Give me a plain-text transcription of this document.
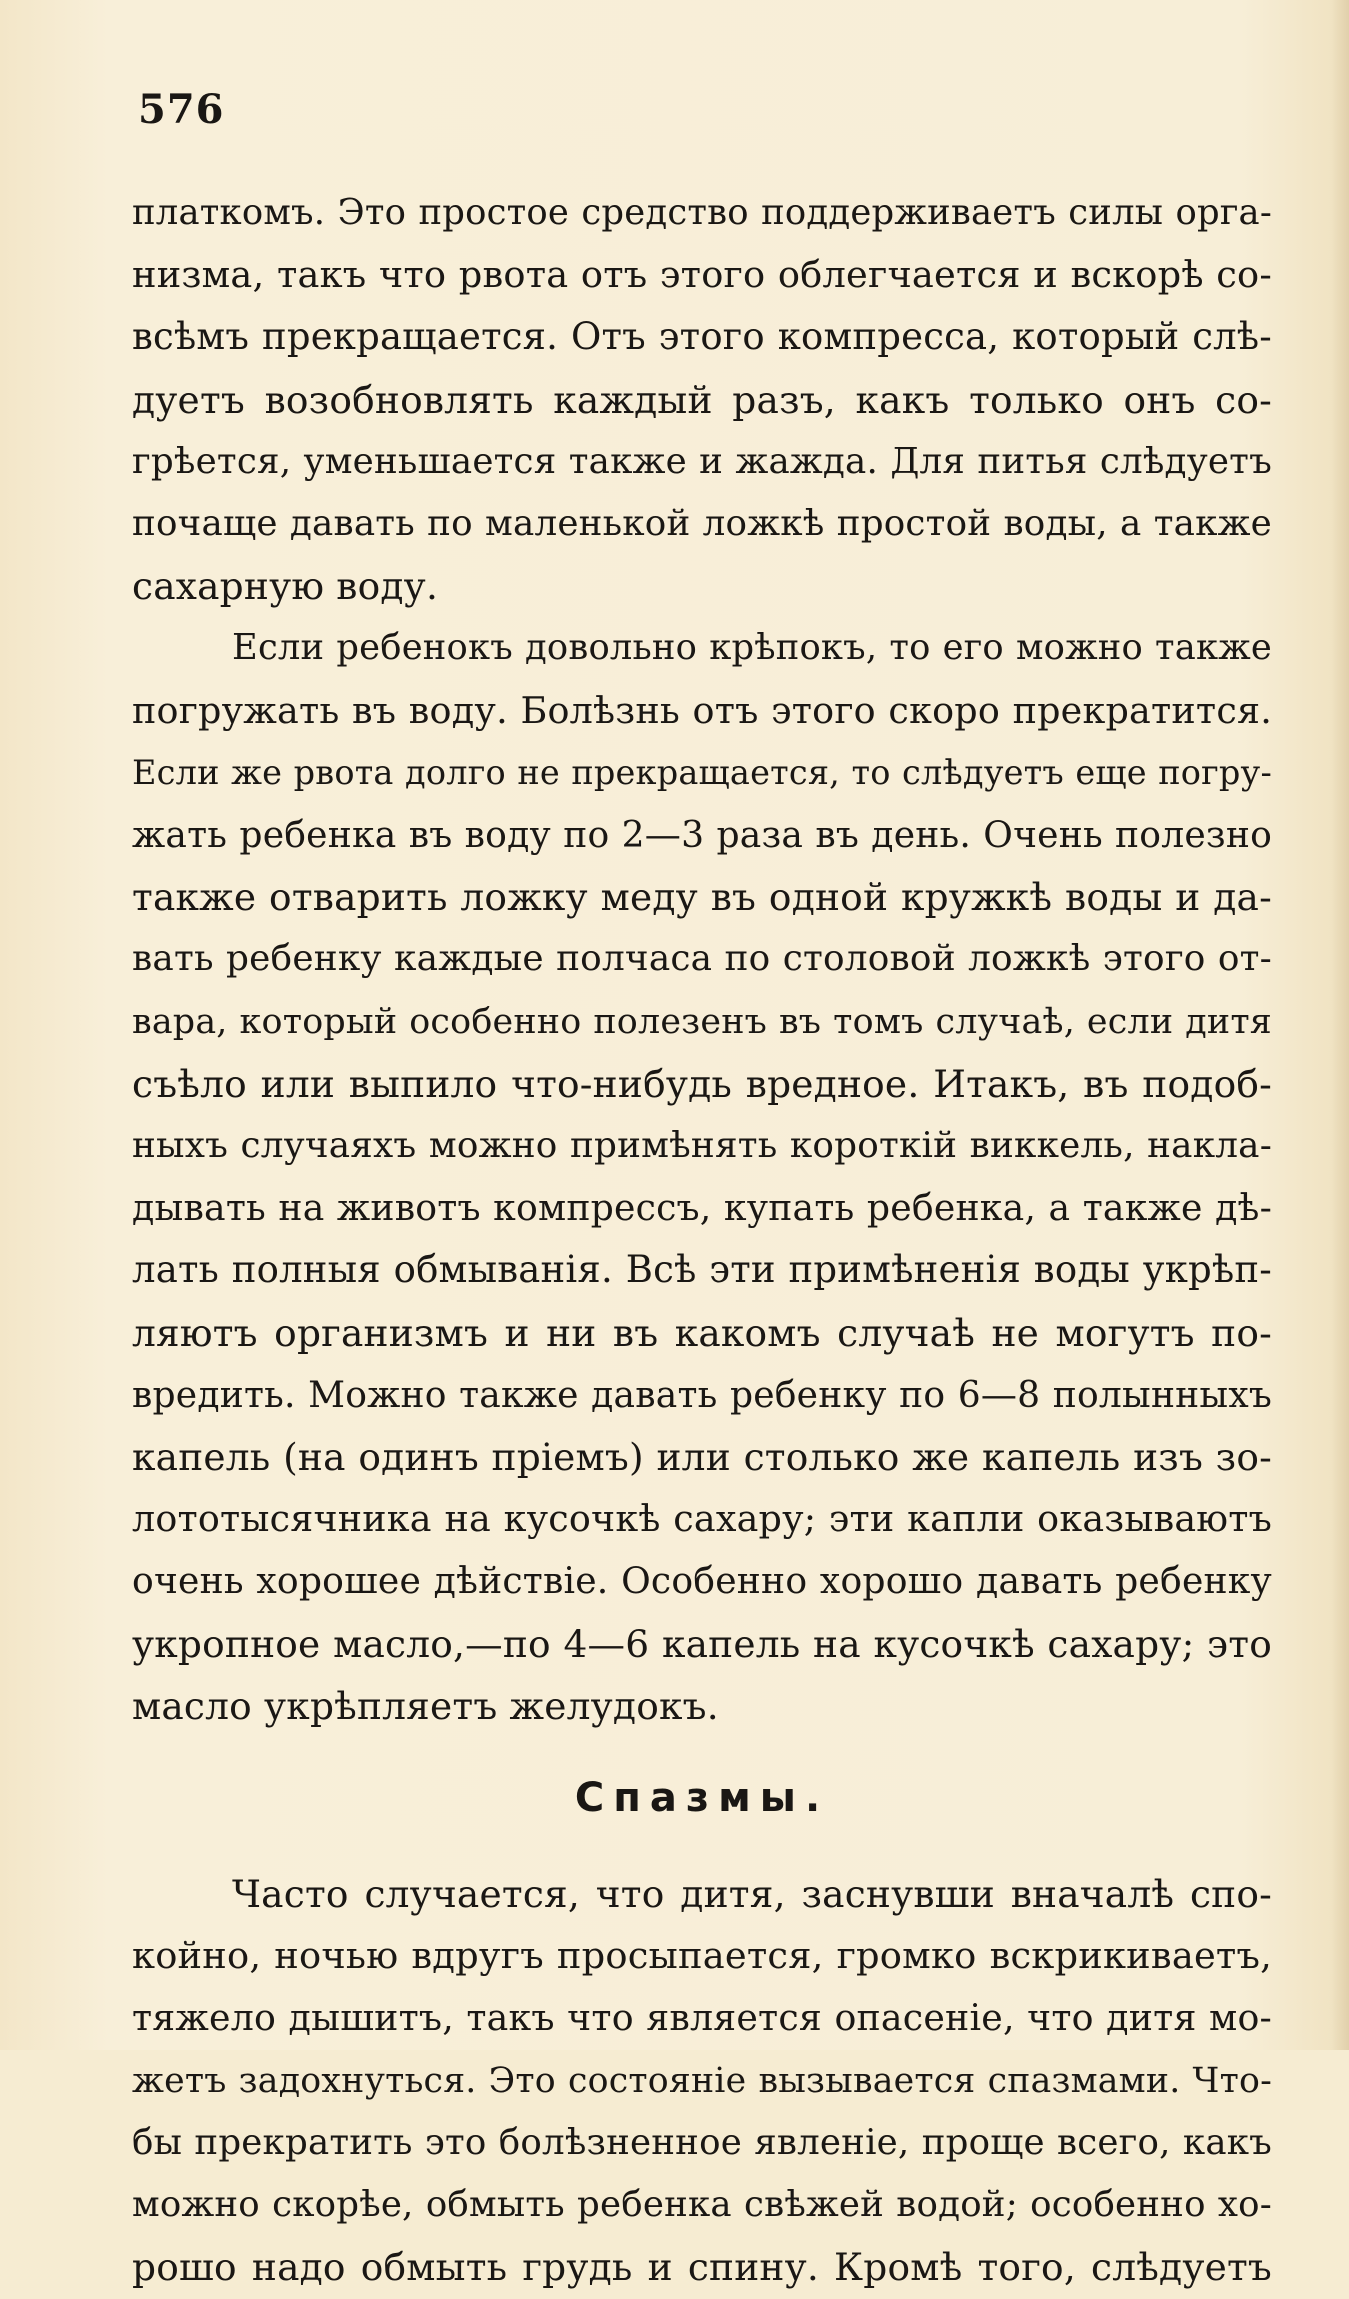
576
платкомъ. Это простое средство поддерживаетъ силы орга-
низма, такъ что рвота отъ этого облегчается и вскорѣ со-
всѣмъ прекращается. Отъ этого компресса, который слѣ-
дуетъ возобновлять каждый разъ, какъ только онъ со-
грѣется, уменьшается также и жажда. Для питья слѣдуетъ
почаще давать по маленькой ложкѣ простой воды, а также
сахарную воду.
Если ребенокъ довольно крѣпокъ, то его можно также
погружать въ воду. Болѣзнь отъ этого скоро прекратится.
Если же рвота долго не прекращается, то слѣдуетъ еще погру-
жать ребенка въ воду по 2—3 раза въ день. Очень полезно
также отварить ложку меду въ одной кружкѣ воды и да-
вать ребенку каждые полчаса по столовой ложкѣ этого от-
вара, который особенно полезенъ въ томъ случаѣ, если дитя
съѣло или выпило что-нибудь вредное. Итакъ, въ подоб-
ныхъ случаяхъ можно примѣнять короткій виккель, накла-
дывать на животъ компрессъ, купать ребенка, а также дѣ-
лать полныя обмыванія. Всѣ эти примѣненія воды укрѣп-
ляютъ организмъ и ни въ какомъ случаѣ не могутъ по-
вредить. Можно также давать ребенку по 6—8 полынныхъ
капель (на одинъ пріемъ) или столько же капель изъ зо-
лототысячника на кусочкѣ сахару; эти капли оказываютъ
очень хорошее дѣйствіе. Особенно хорошо давать ребенку
укропное масло,—по 4—6 капель на кусочкѣ сахару; это
масло укрѣпляетъ желудокъ.
Спазмы.
Часто случается, что дитя, заснувши вначалѣ спо-
койно, ночью вдругъ просыпается, громко вскрикиваетъ,
тяжело дышитъ, такъ что является опасеніе, что дитя мо-
жетъ задохнуться. Это состояніе вызывается спазмами. Что-
бы прекратить это болѣзненное явленіе, проще всего, какъ
можно скорѣе, обмыть ребенка свѣжей водой; особенно хо-
рошо надо обмыть грудь и спину. Кромѣ того, слѣдуетъ
